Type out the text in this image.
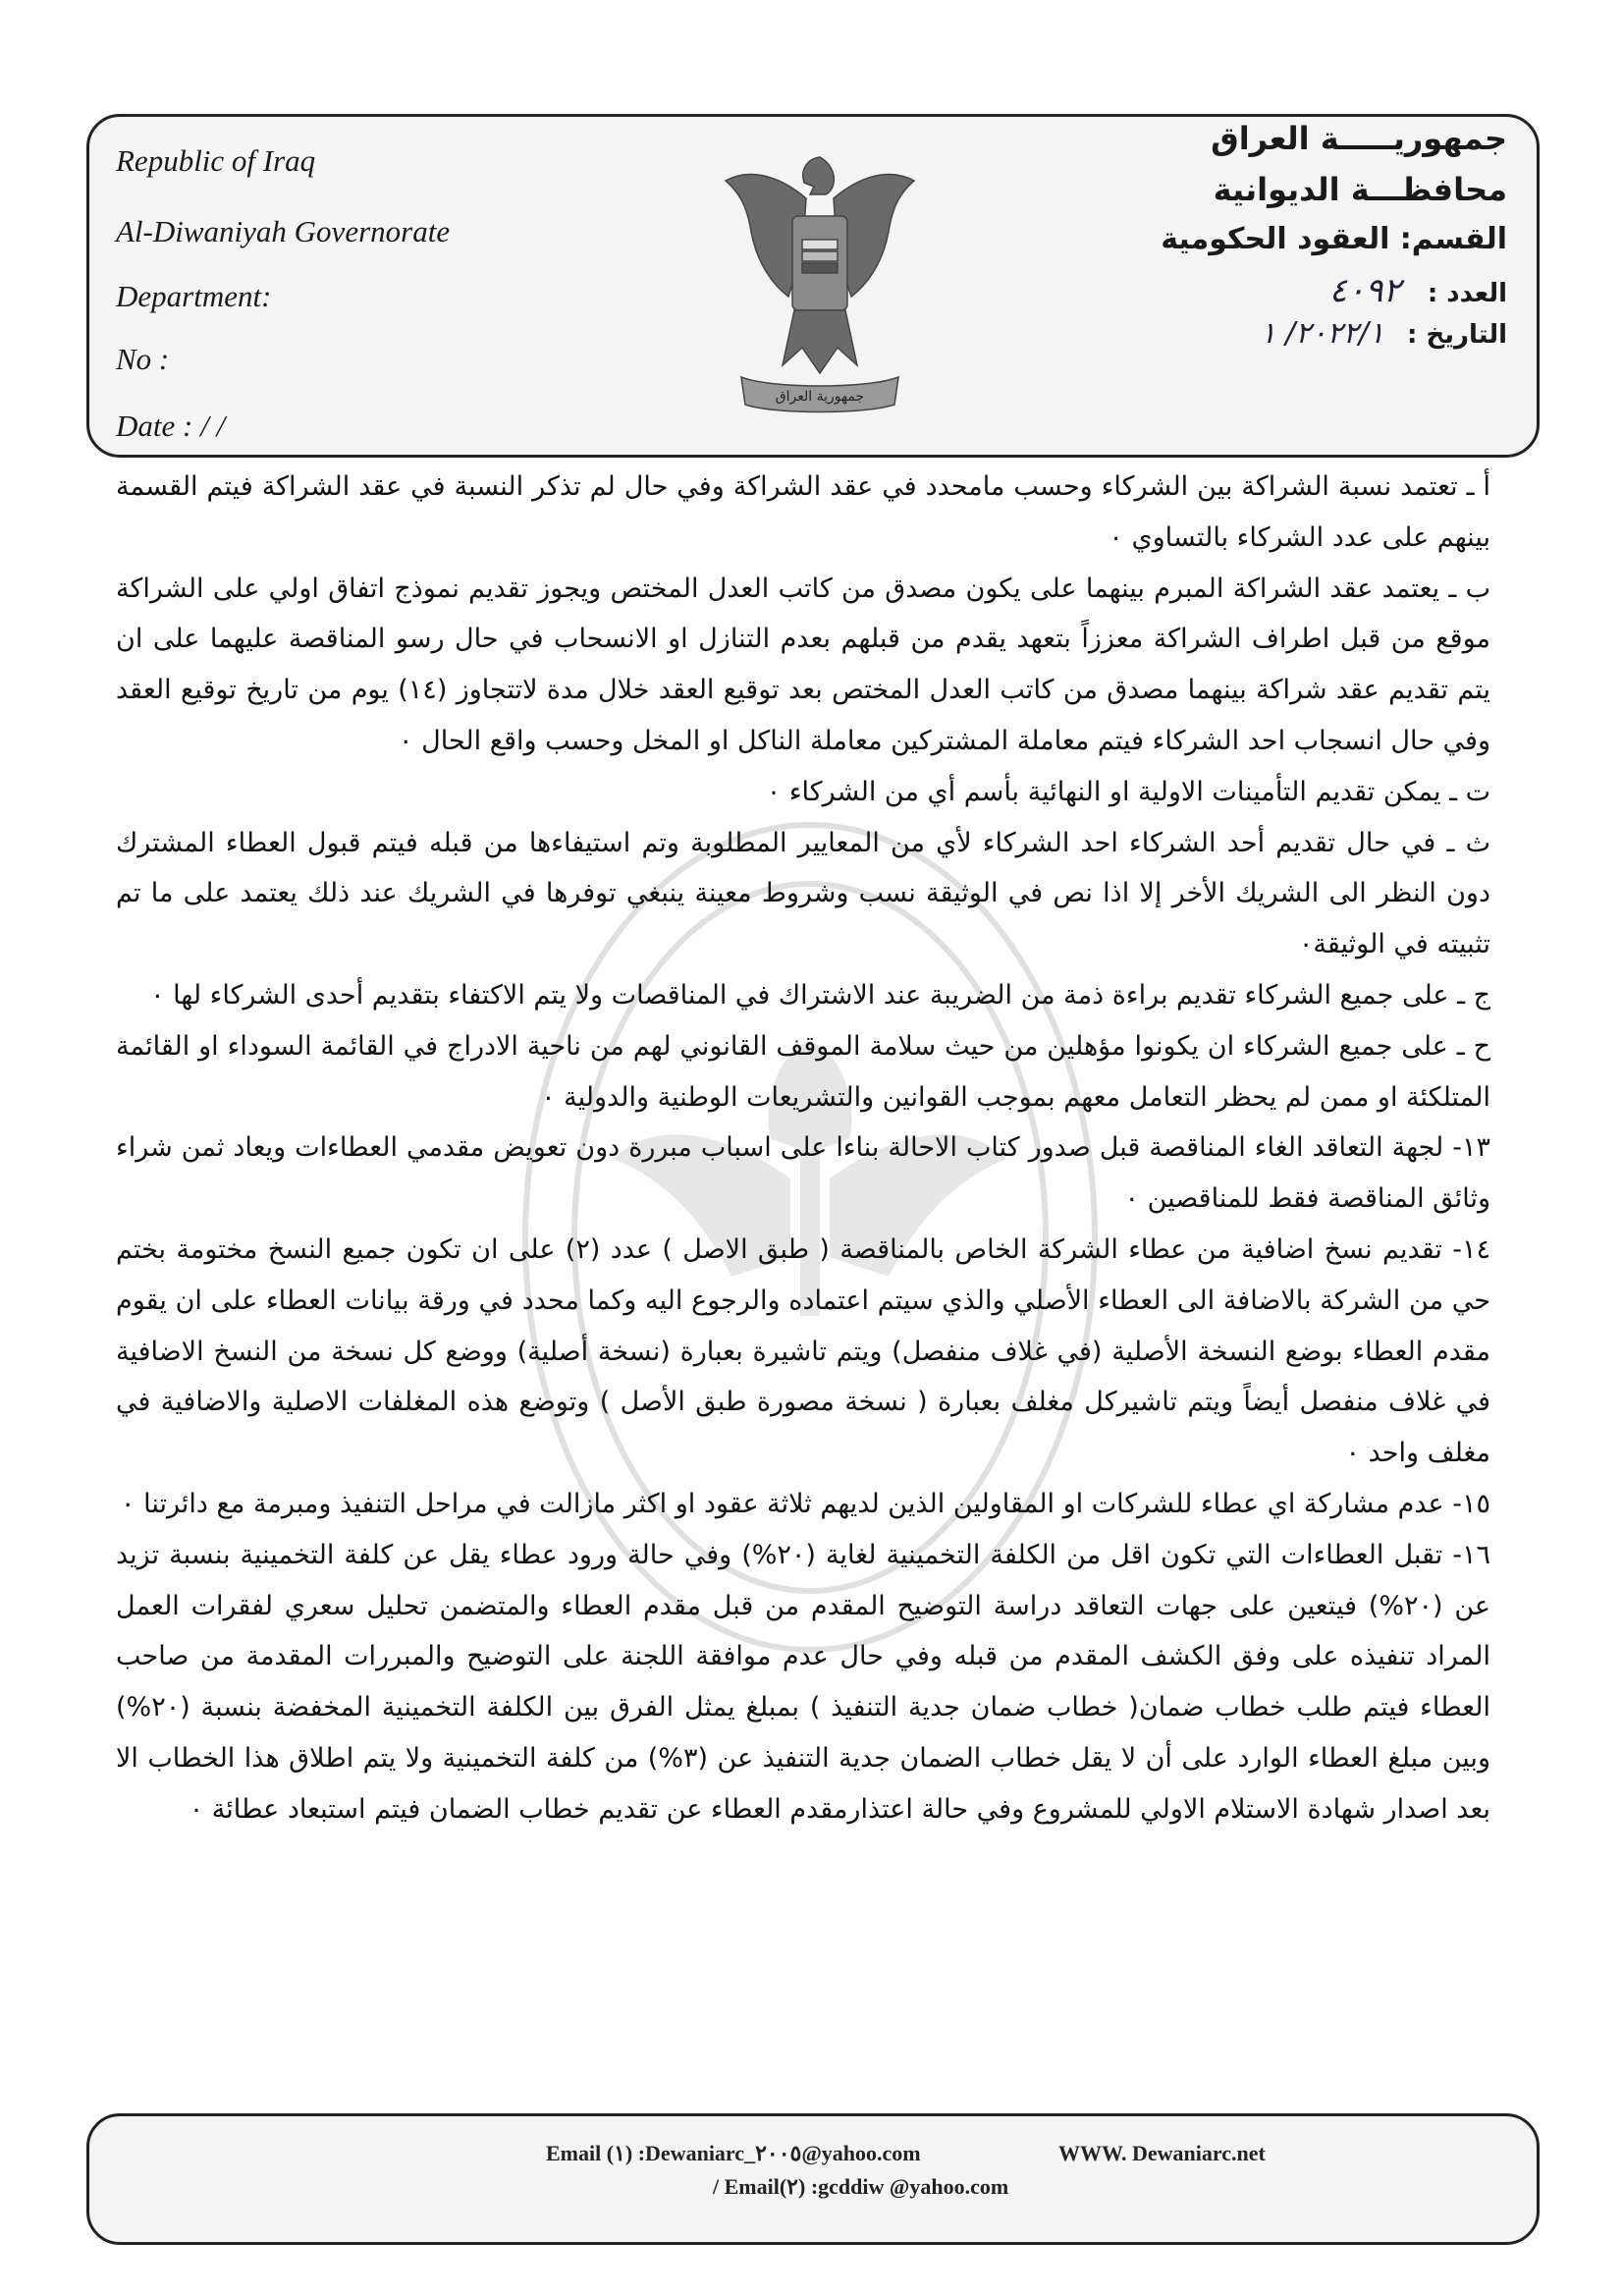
Republic of Iraq
Al-Diwaniyah Governorate
Department:
No :
Date : / /
جمهورية العراق
جمهوريـــــة العراق
محافظـــة الديوانية
القسم: العقود الحكومية
العدد : ٤٠٩٢
التاريخ : ٢٠٢٢/١/ ١

أ ـ تعتمد نسبة الشراكة بين الشركاء وحسب مامحدد في عقد الشراكة وفي حال لم تذكر النسبة في عقد الشراكة فيتم القسمة بينهم على عدد الشركاء بالتساوي ٠

ب ـ يعتمد عقد الشراكة المبرم بينهما على يكون مصدق من كاتب العدل المختص ويجوز تقديم نموذج اتفاق اولي على الشراكة موقع من قبل اطراف الشراكة معززاً بتعهد يقدم من قبلهم بعدم التنازل او الانسحاب في حال رسو المناقصة عليهما على ان يتم تقديم عقد شراكة بينهما مصدق من كاتب العدل المختص بعد توقيع العقد خلال مدة لاتتجاوز (١٤) يوم من تاريخ توقيع العقد وفي حال انسجاب احد الشركاء فيتم معاملة المشتركين معاملة الناكل او المخل وحسب واقع الحال ٠

ت ـ يمكن تقديم التأمينات الاولية او النهائية بأسم أي من الشركاء ٠

ث ـ في حال تقديم أحد الشركاء احد الشركاء لأي من المعايير المطلوبة وتم استيفاءها من قبله فيتم قبول العطاء المشترك دون النظر الى الشريك الأخر إلا اذا نص في الوثيقة نسب وشروط معينة ينبغي توفرها في الشريك عند ذلك يعتمد على ما تم تثبيته في الوثيقة٠

ج ـ على جميع الشركاء تقديم براءة ذمة من الضريبة عند الاشتراك في المناقصات ولا يتم الاكتفاء بتقديم أحدى الشركاء لها ٠

ح ـ على جميع الشركاء ان يكونوا مؤهلين من حيث سلامة الموقف القانوني لهم من ناحية الادراج في القائمة السوداء او القائمة المتلكئة او ممن لم يحظر التعامل معهم بموجب القوانين والتشريعات الوطنية والدولية ٠

١٣- لجهة التعاقد الغاء المناقصة قبل صدور كتاب الاحالة بناءا على اسباب مبررة دون تعويض مقدمي العطاءات ويعاد ثمن شراء وثائق المناقصة فقط للمناقصين ٠

١٤- تقديم نسخ اضافية من عطاء الشركة الخاص بالمناقصة ( طبق الاصل ) عدد (٢) على ان تكون جميع النسخ مختومة بختم حي من الشركة بالاضافة الى العطاء الأصلي والذي سيتم اعتماده والرجوع اليه وكما محدد في ورقة بيانات العطاء على ان يقوم مقدم العطاء بوضع النسخة الأصلية (في غلاف منفصل) ويتم تاشيرة بعبارة (نسخة أصلية) ووضع كل نسخة من النسخ الاضافية في غلاف منفصل أيضاً ويتم تاشيركل مغلف بعبارة ( نسخة مصورة طبق الأصل ) وتوضع هذه المغلفات الاصلية والاضافية في مغلف واحد ٠

١٥- عدم مشاركة اي عطاء للشركات او المقاولين الذين لديهم ثلاثة عقود او اكثر مازالت في مراحل التنفيذ ومبرمة مع دائرتنا ٠

١٦- تقبل العطاءات التي تكون اقل من الكلفة التخمينية لغاية (٢٠%) وفي حالة ورود عطاء يقل عن كلفة التخمينية بنسبة تزيد عن (٢٠%) فيتعين على جهات التعاقد دراسة التوضيح المقدم من قبل مقدم العطاء والمتضمن تحليل سعري لفقرات العمل المراد تنفيذه على وفق الكشف المقدم من قبله وفي حال عدم موافقة اللجنة على التوضيح والمبررات المقدمة من صاحب العطاء فيتم طلب خطاب ضمان( خطاب ضمان جدية التنفيذ ) بمبلغ يمثل الفرق بين الكلفة التخمينية المخفضة بنسبة (٢٠%) وبين مبلغ العطاء الوارد على أن لا يقل خطاب الضمان جدية التنفيذ عن (٣%) من كلفة التخمينية ولا يتم اطلاق هذا الخطاب الا بعد اصدار شهادة الاستلام الاولي للمشروع وفي حالة اعتذارمقدم العطاء عن تقديم خطاب الضمان فيتم استبعاد عطائة ٠

Email (١) :Dewaniarc_٢٠٠٥@yahoo.com	WWW. Dewaniarc.net
/ Email(٢) :gcddiw @yahoo.com
